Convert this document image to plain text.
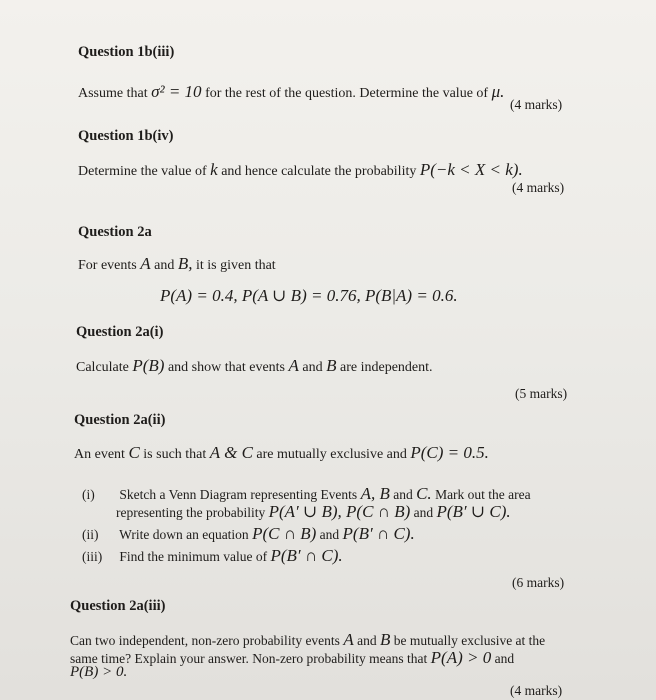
Question 1b(iii)
Assume that σ² = 10 for the rest of the question. Determine the value of μ.
(4 marks)
Question 1b(iv)
Determine the value of k and hence calculate the probability P(−k < X < k).
(4 marks)
Question 2a
For events A and B, it is given that
P(A) = 0.4, P(A ∪ B) = 0.76, P(B|A) = 0.6.
Question 2a(i)
Calculate P(B) and show that events A and B are independent.
(5 marks)
Question 2a(ii)
An event C is such that A & C are mutually exclusive and P(C) = 0.5.
(i) Sketch a Venn Diagram representing Events A, B and C. Mark out the area
representing the probability P(A′ ∪ B), P(C ∩ B) and P(B′ ∪ C).
(ii) Write down an equation P(C ∩ B) and P(B′ ∩ C).
(iii) Find the minimum value of P(B′ ∩ C).
(6 marks)
Question 2a(iii)
Can two independent, non-zero probability events A and B be mutually exclusive at the
same time? Explain your answer. Non-zero probability means that P(A) > 0 and
P(B) > 0.
(4 marks)
